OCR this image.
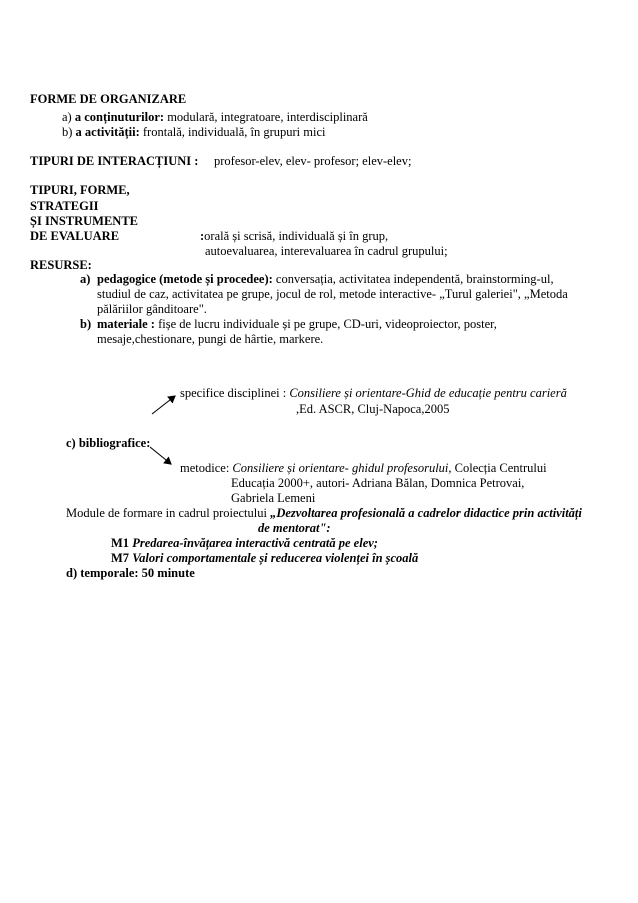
FORME DE ORGANIZARE
a) a conținuturilor: modulară, integratoare, interdisciplinară
b) a activității: frontală, individuală, în grupuri mici
TIPURI DE INTERACȚIUNI : profesor-elev, elev- profesor; elev-elev;
TIPURI, FORME,
STRATEGII
ȘI INSTRUMENTE
DE EVALUARE	:orală și scrisă, individuală și în grup,
autoevaluarea, interevaluarea în cadrul grupului;
RESURSE:
a) pedagogice (metode și procedee): conversația, activitatea independentă, brainstorming-ul,
studiul de caz, activitatea pe grupe, jocul de rol, metode interactive- „Turul galeriei", „Metoda
pălăriilor gânditoare".
b) materiale : fișe de lucru individuale și pe grupe, CD-uri, videoproiector, poster,
mesaje,chestionare, pungi de hârtie, markere.
specifice disciplinei : Consiliere și orientare-Ghid de educație pentru carieră
,Ed. ASCR, Cluj-Napoca,2005
c) bibliografice:
metodice: Consiliere și orientare- ghidul profesorului, Colecția Centrului
Educația 2000+, autori- Adriana Bălan, Domnica Petrovai,
Gabriela Lemeni
Module de formare in cadrul proiectului „Dezvoltarea profesională a cadrelor didactice prin activități
de mentorat":
M1 Predarea-învățarea interactivă centrată pe elev;
M7 Valori comportamentale și reducerea violenței în școală
d) temporale: 50 minute
